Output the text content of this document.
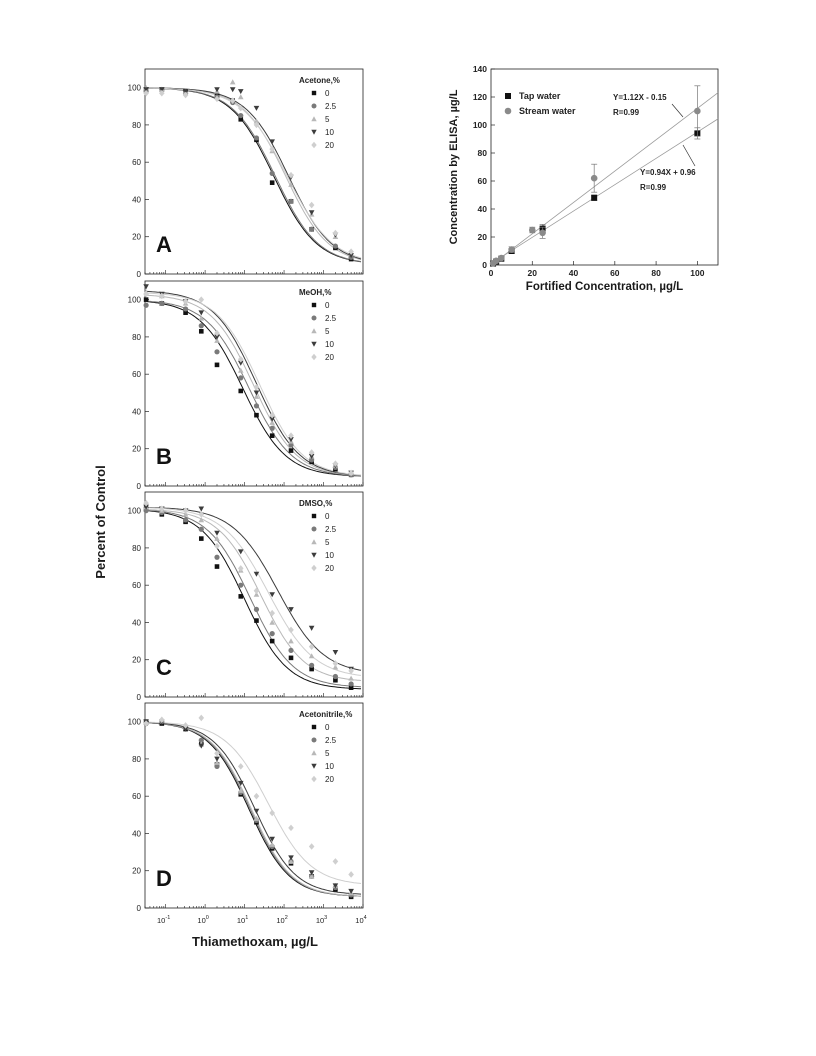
0
20
40
60
80
100
Acetone,%
0
2.5
5
10
20
A
0
20
40
60
80
100
MeOH,%
0
2.5
5
10
20
B
0
20
40
60
80
100
DMSO,%
0
2.5
5
10
20
C
0
20
40
60
80
100
Acetonitrile,%
0
2.5
5
10
20
D
$10^{-1}$	$10^0$	$10^1$	$10^2$	$10^3$	$10^4$
Percent of Control
Thiamethoxam, µg/L
0
20
40
60
80
100
120
140
0	20	40	60	80	100
Fortified Concentration, µg/L
Concentration by ELISA, µg/L	Tap water
Stream water
Y=1.12X - 0.15
R=0.99
Y=0.94X + 0.96
R=0.99
